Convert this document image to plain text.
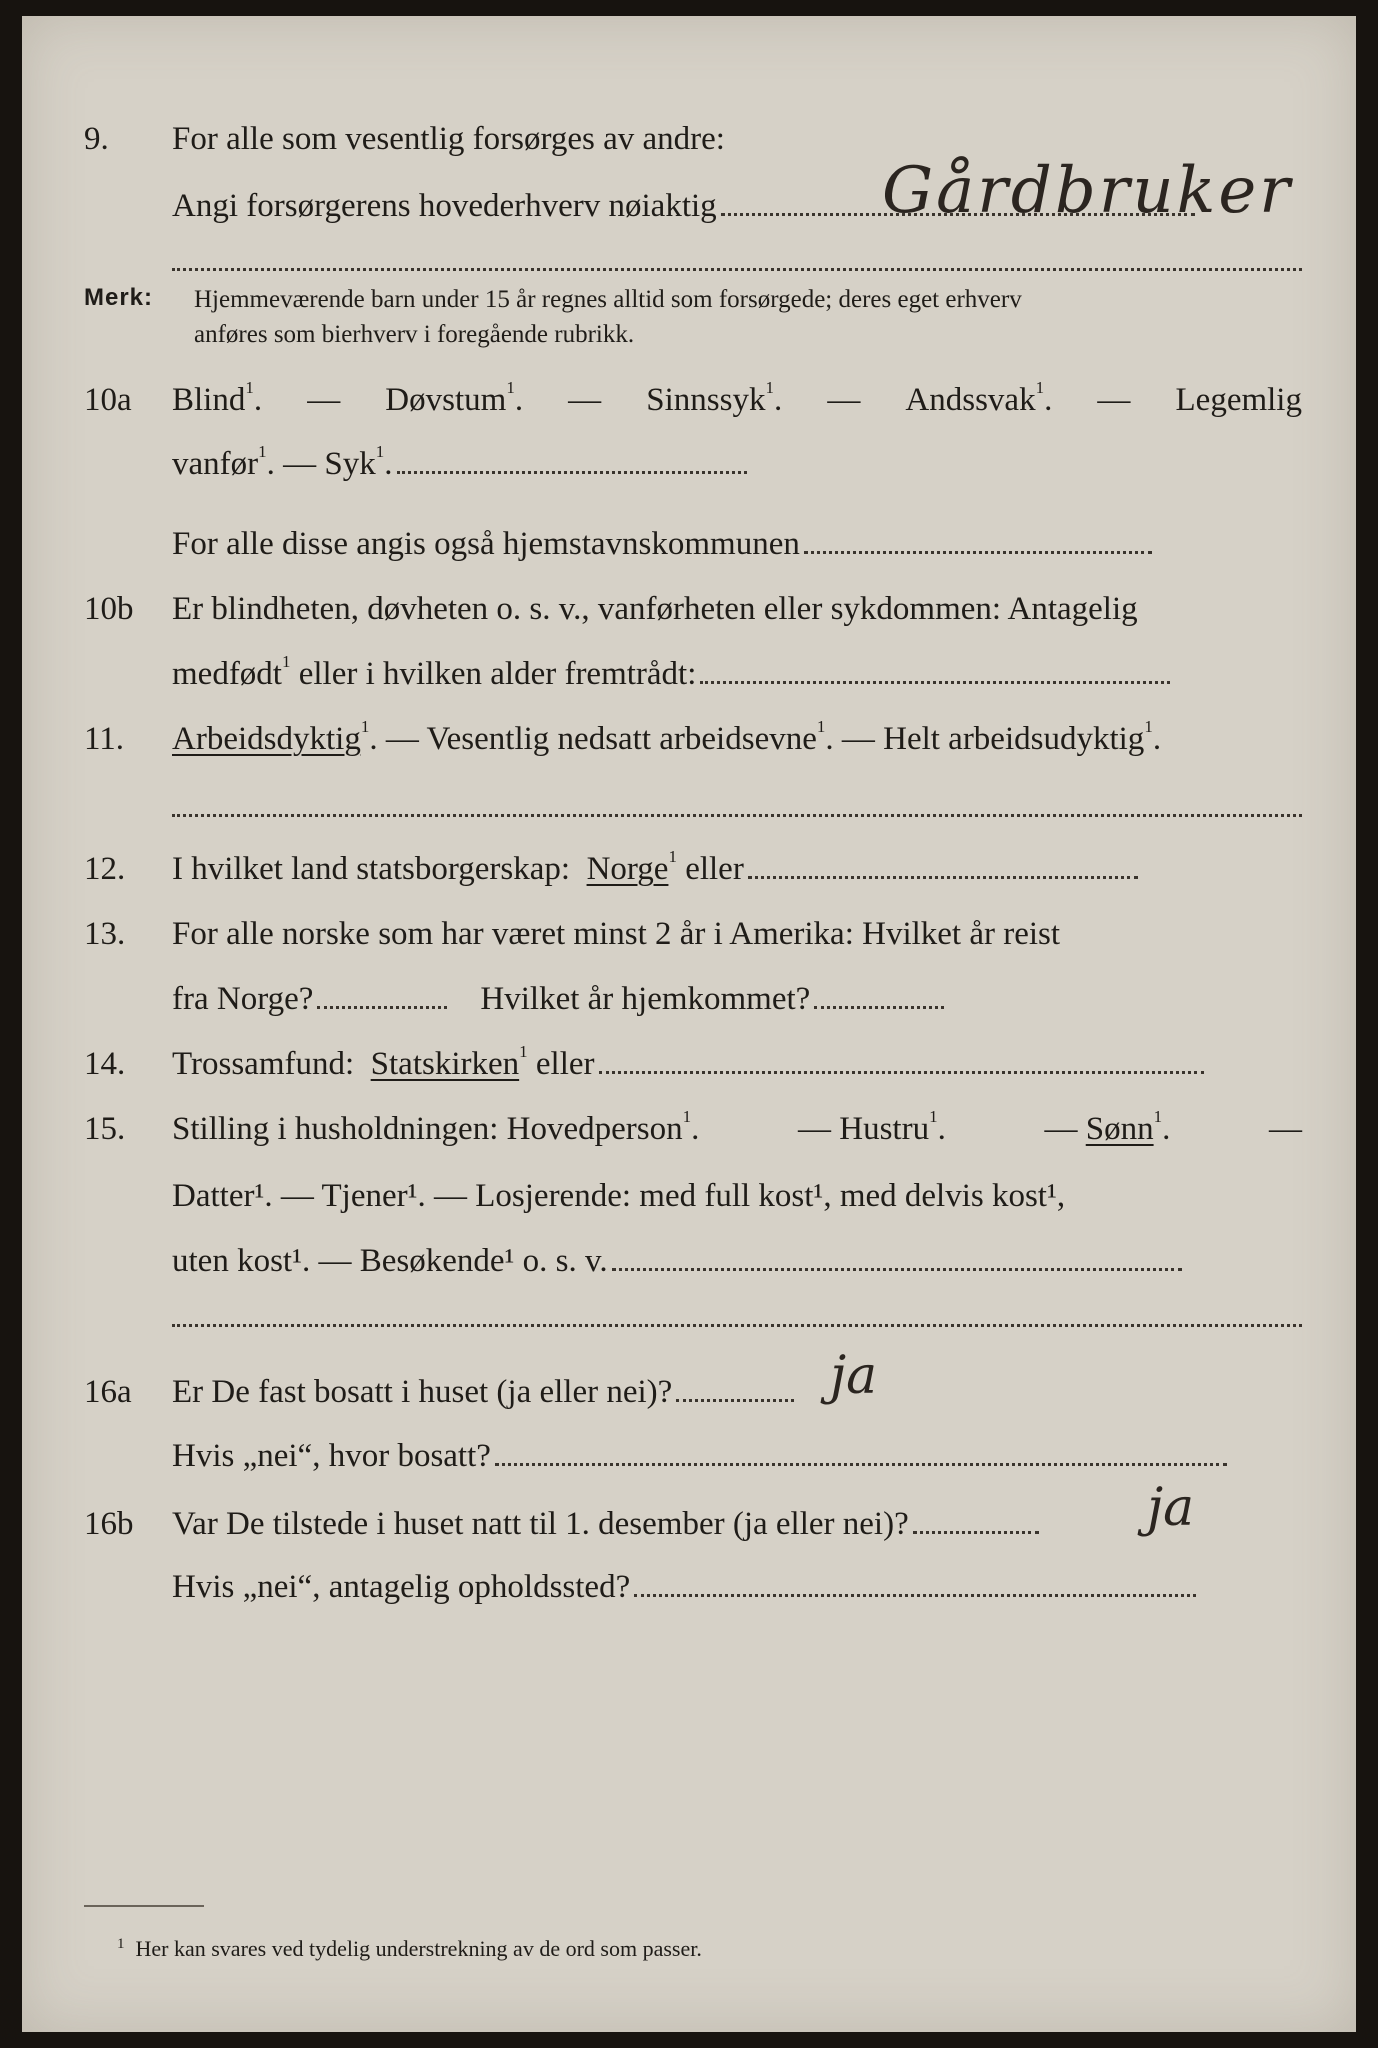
9. For alle som vesentlig forsørges av andre:
Angi forsørgerens hovederhverv nøiaktig	Gårdbruker
Merk: Hjemmeværende barn under 15 år regnes alltid som forsørgede; deres eget erhverv
anføres som bierhverv i foregående rubrikk.
10a Blind$^1$. — Døvstum$^1$. — Sinnssyk$^1$. — Andssvak$^1$. — Legemlig
vanfør$^1$. — Syk$^1$.
For alle disse angis også hjemstavnskommunen
10b Er blindheten, døvheten o. s. v., vanførheten eller sykdommen: Antagelig
medfødt$^1$ eller i hvilken alder fremtrådt:
11. Arbeidsdyktig$^1$. — Vesentlig nedsatt arbeidsevne$^1$. — Helt arbeidsudyktig$^1$.
12. I hvilket land statsborgerskap: Norge$^1$ eller
13. For alle norske som har været minst 2 år i Amerika: Hvilket år reist
fra Norge?	Hvilket år hjemkommet?
14. Trossamfund: Statskirken$^1$ eller
15. Stilling i husholdningen: Hovedperson$^1$.	— Hustru$^1$.	— Sønn$^1$.	—
Datter¹. — Tjener¹. — Losjerende: med full kost¹, med delvis kost¹,
uten kost¹. — Besøkende¹ o. s. v.
16a Er De fast bosatt i huset (ja eller nei)?	ja
Hvis „nei“, hvor bosatt?
16b Var De tilstede i huset natt til 1. desember (ja eller nei)?	ja
Hvis „nei“, antagelig opholdssted?
$^1$ Her kan svares ved tydelig understrekning av de ord som passer.
